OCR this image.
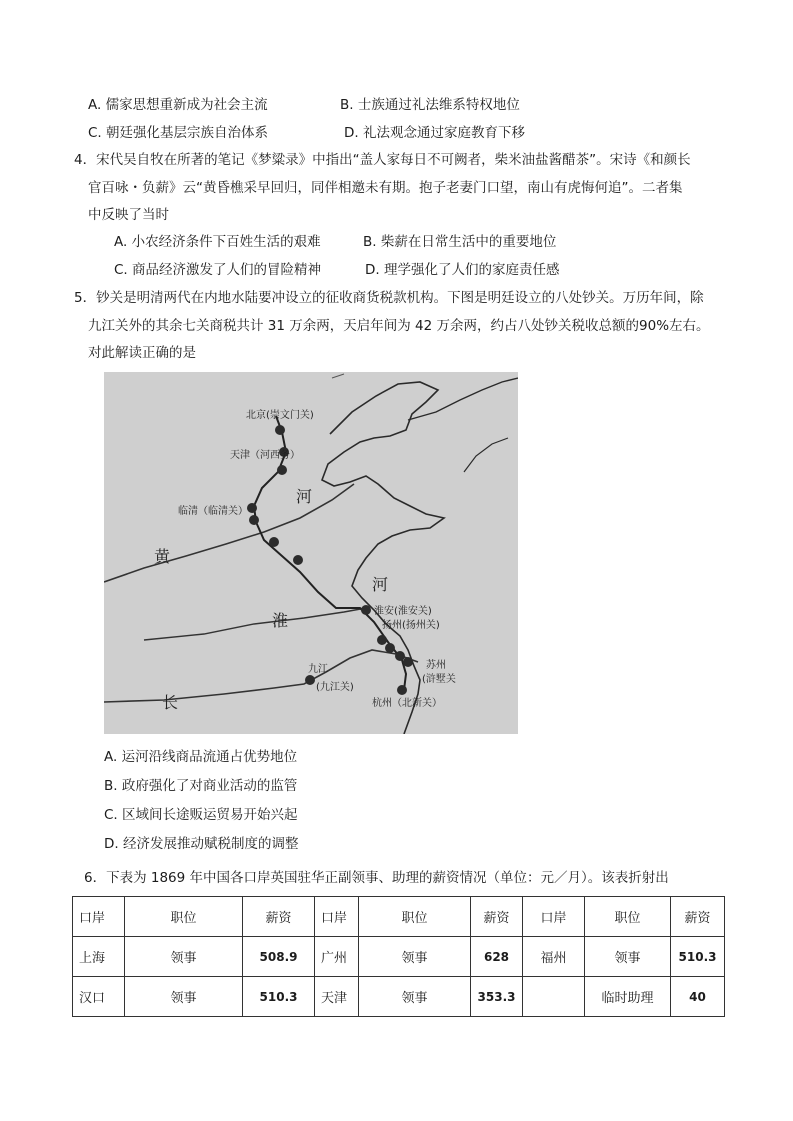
A. 儒家思想重新成为社会主流	B. 士族通过礼法维系特权地位
C. 朝廷强化基层宗族自治体系	D. 礼法观念通过家庭教育下移
4．宋代吴自牧在所著的笔记《梦粱录》中指出“盖人家每日不可阙者，柴米油盐酱醋茶”。宋诗《和颜长
官百咏・负薪》云“黄昏樵采早回归，同伴相邀未有期。抱子老妻门口望，南山有虎悔何追”。二者集
中反映了当时
A. 小农经济条件下百姓生活的艰难	B. 柴薪在日常生活中的重要地位
C. 商品经济激发了人们的冒险精神	D. 理学强化了人们的家庭责任感
5．钞关是明清两代在内地水陆要冲设立的征收商货税款机构。下图是明廷设立的八处钞关。万历年间，除
九江关外的其余七关商税共计 31 万余两，天启年间为 42 万余两，约占八处钞关税收总额的90%左右。
对此解读正确的是
北京(崇文门关)
天津（河西务）
临清（临清关）
淮安(淮安关)
扬州(扬州关)
苏州
(浒墅关
九江
(九江关)
杭州（北新关）
河
河
黄
淮
长
A. 运河沿线商品流通占优势地位
B. 政府强化了对商业活动的监管
C. 区域间长途贩运贸易开始兴起
D. 经济发展推动赋税制度的调整
6．下表为 1869 年中国各口岸英国驻华正副领事、助理的薪资情况（单位：元／月）。该表折射出
口岸	职位	薪资	口岸	职位	薪资	口岸	职位	薪资
上海	领事	508.9	广州	领事	628	福州	领事	510.3
汉口	领事	510.3	天津	领事	353.3		临时助理	40
